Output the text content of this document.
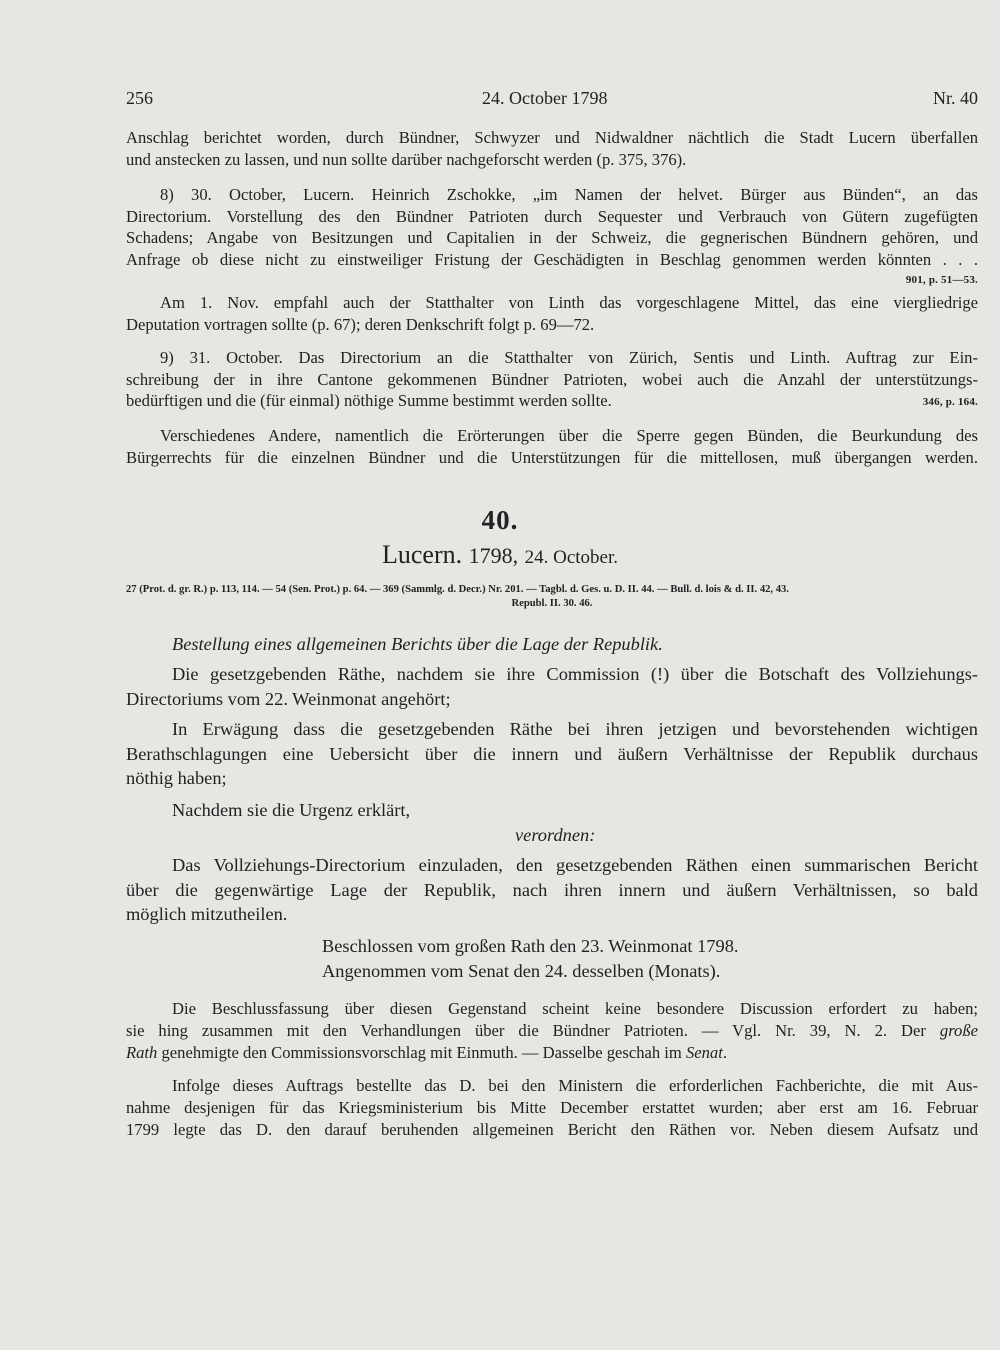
256	24. October 1798	Nr. 40
Anschlag berichtet worden, durch Bündner, Schwyzer und Nidwaldner nächtlich die Stadt Lucern überfallen
und anstecken zu lassen, und nun sollte darüber nachgeforscht werden (p. 375, 376).
8) 30. October, Lucern. Heinrich Zschokke, „im Namen der helvet. Bürger aus Bünden“, an das
Directorium. Vorstellung des den Bündner Patrioten durch Sequester und Verbrauch von Gütern zugefügten
Schadens; Angabe von Besitzungen und Capitalien in der Schweiz, die gegnerischen Bündnern gehören, und
Anfrage ob diese nicht zu einstweiliger Fristung der Geschädigten in Beschlag genommen werden könnten . . .
901, p. 51—53.
Am 1. Nov. empfahl auch der Statthalter von Linth das vorgeschlagene Mittel, das eine viergliedrige
Deputation vortragen sollte (p. 67); deren Denkschrift folgt p. 69—72.
9) 31. October. Das Directorium an die Statthalter von Zürich, Sentis und Linth. Auftrag zur Ein-
schreibung der in ihre Cantone gekommenen Bündner Patrioten, wobei auch die Anzahl der unterstützungs-
bedürftigen und die (für einmal) nöthige Summe bestimmt werden sollte.	346, p. 164.
Verschiedenes Andere, namentlich die Erörterungen über die Sperre gegen Bünden, die Beurkundung des
Bürgerrechts für die einzelnen Bündner und die Unterstützungen für die mittellosen, muß übergangen werden.
40.
Lucern. 1798, 24. October.
27 (Prot. d. gr. R.) p. 113, 114. — 54 (Sen. Prot.) p. 64. — 369 (Sammlg. d. Decr.) Nr. 201. — Tagbl. d. Ges. u. D. II. 44. — Bull. d. lois & d. II. 42, 43.
Republ. II. 30. 46.
Bestellung eines allgemeinen Berichts über die Lage der Republik.
Die gesetzgebenden Räthe, nachdem sie ihre Commission (!) über die Botschaft des Vollziehungs-
Directoriums vom 22. Weinmonat angehört;
In Erwägung dass die gesetzgebenden Räthe bei ihren jetzigen und bevorstehenden wichtigen
Berathschlagungen eine Uebersicht über die innern und äußern Verhältnisse der Republik durchaus
nöthig haben;
Nachdem sie die Urgenz erklärt,
verordnen:
Das Vollziehungs-Directorium einzuladen, den gesetzgebenden Räthen einen summarischen Bericht
über die gegenwärtige Lage der Republik, nach ihren innern und äußern Verhältnissen, so bald
möglich mitzutheilen.
Beschlossen vom großen Rath den 23. Weinmonat 1798.
Angenommen vom Senat den 24. desselben (Monats).
Die Beschlussfassung über diesen Gegenstand scheint keine besondere Discussion erfordert zu haben;
sie hing zusammen mit den Verhandlungen über die Bündner Patrioten. — Vgl. Nr. 39, N. 2. Der große
Rath genehmigte den Commissionsvorschlag mit Einmuth. — Dasselbe geschah im Senat.
Infolge dieses Auftrags bestellte das D. bei den Ministern die erforderlichen Fachberichte, die mit Aus-
nahme desjenigen für das Kriegsministerium bis Mitte December erstattet wurden; aber erst am 16. Februar
1799 legte das D. den darauf beruhenden allgemeinen Bericht den Räthen vor. Neben diesem Aufsatz und
